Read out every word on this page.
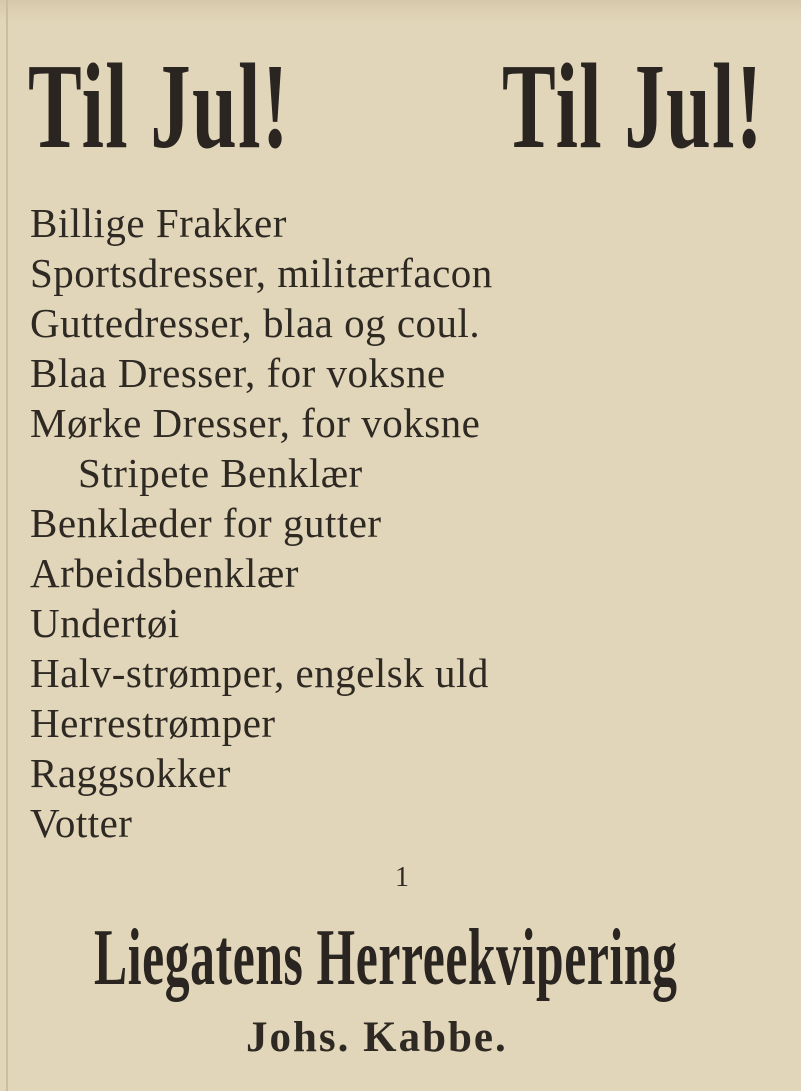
Til Jul! Til Jul!
Billige Frakker
Sportsdresser, militærfacon
Guttedresser, blaa og coul.
Blaa Dresser, for voksne
Mørke Dresser, for voksne
Stripete Benklær
Benklæder for gutter
Arbeidsbenklær
Undertøi
Halv-strømper, engelsk uld
Herrestrømper
Raggsokker
Votter
1
Liegatens Herreekvipering

Johs. Kabbe.
